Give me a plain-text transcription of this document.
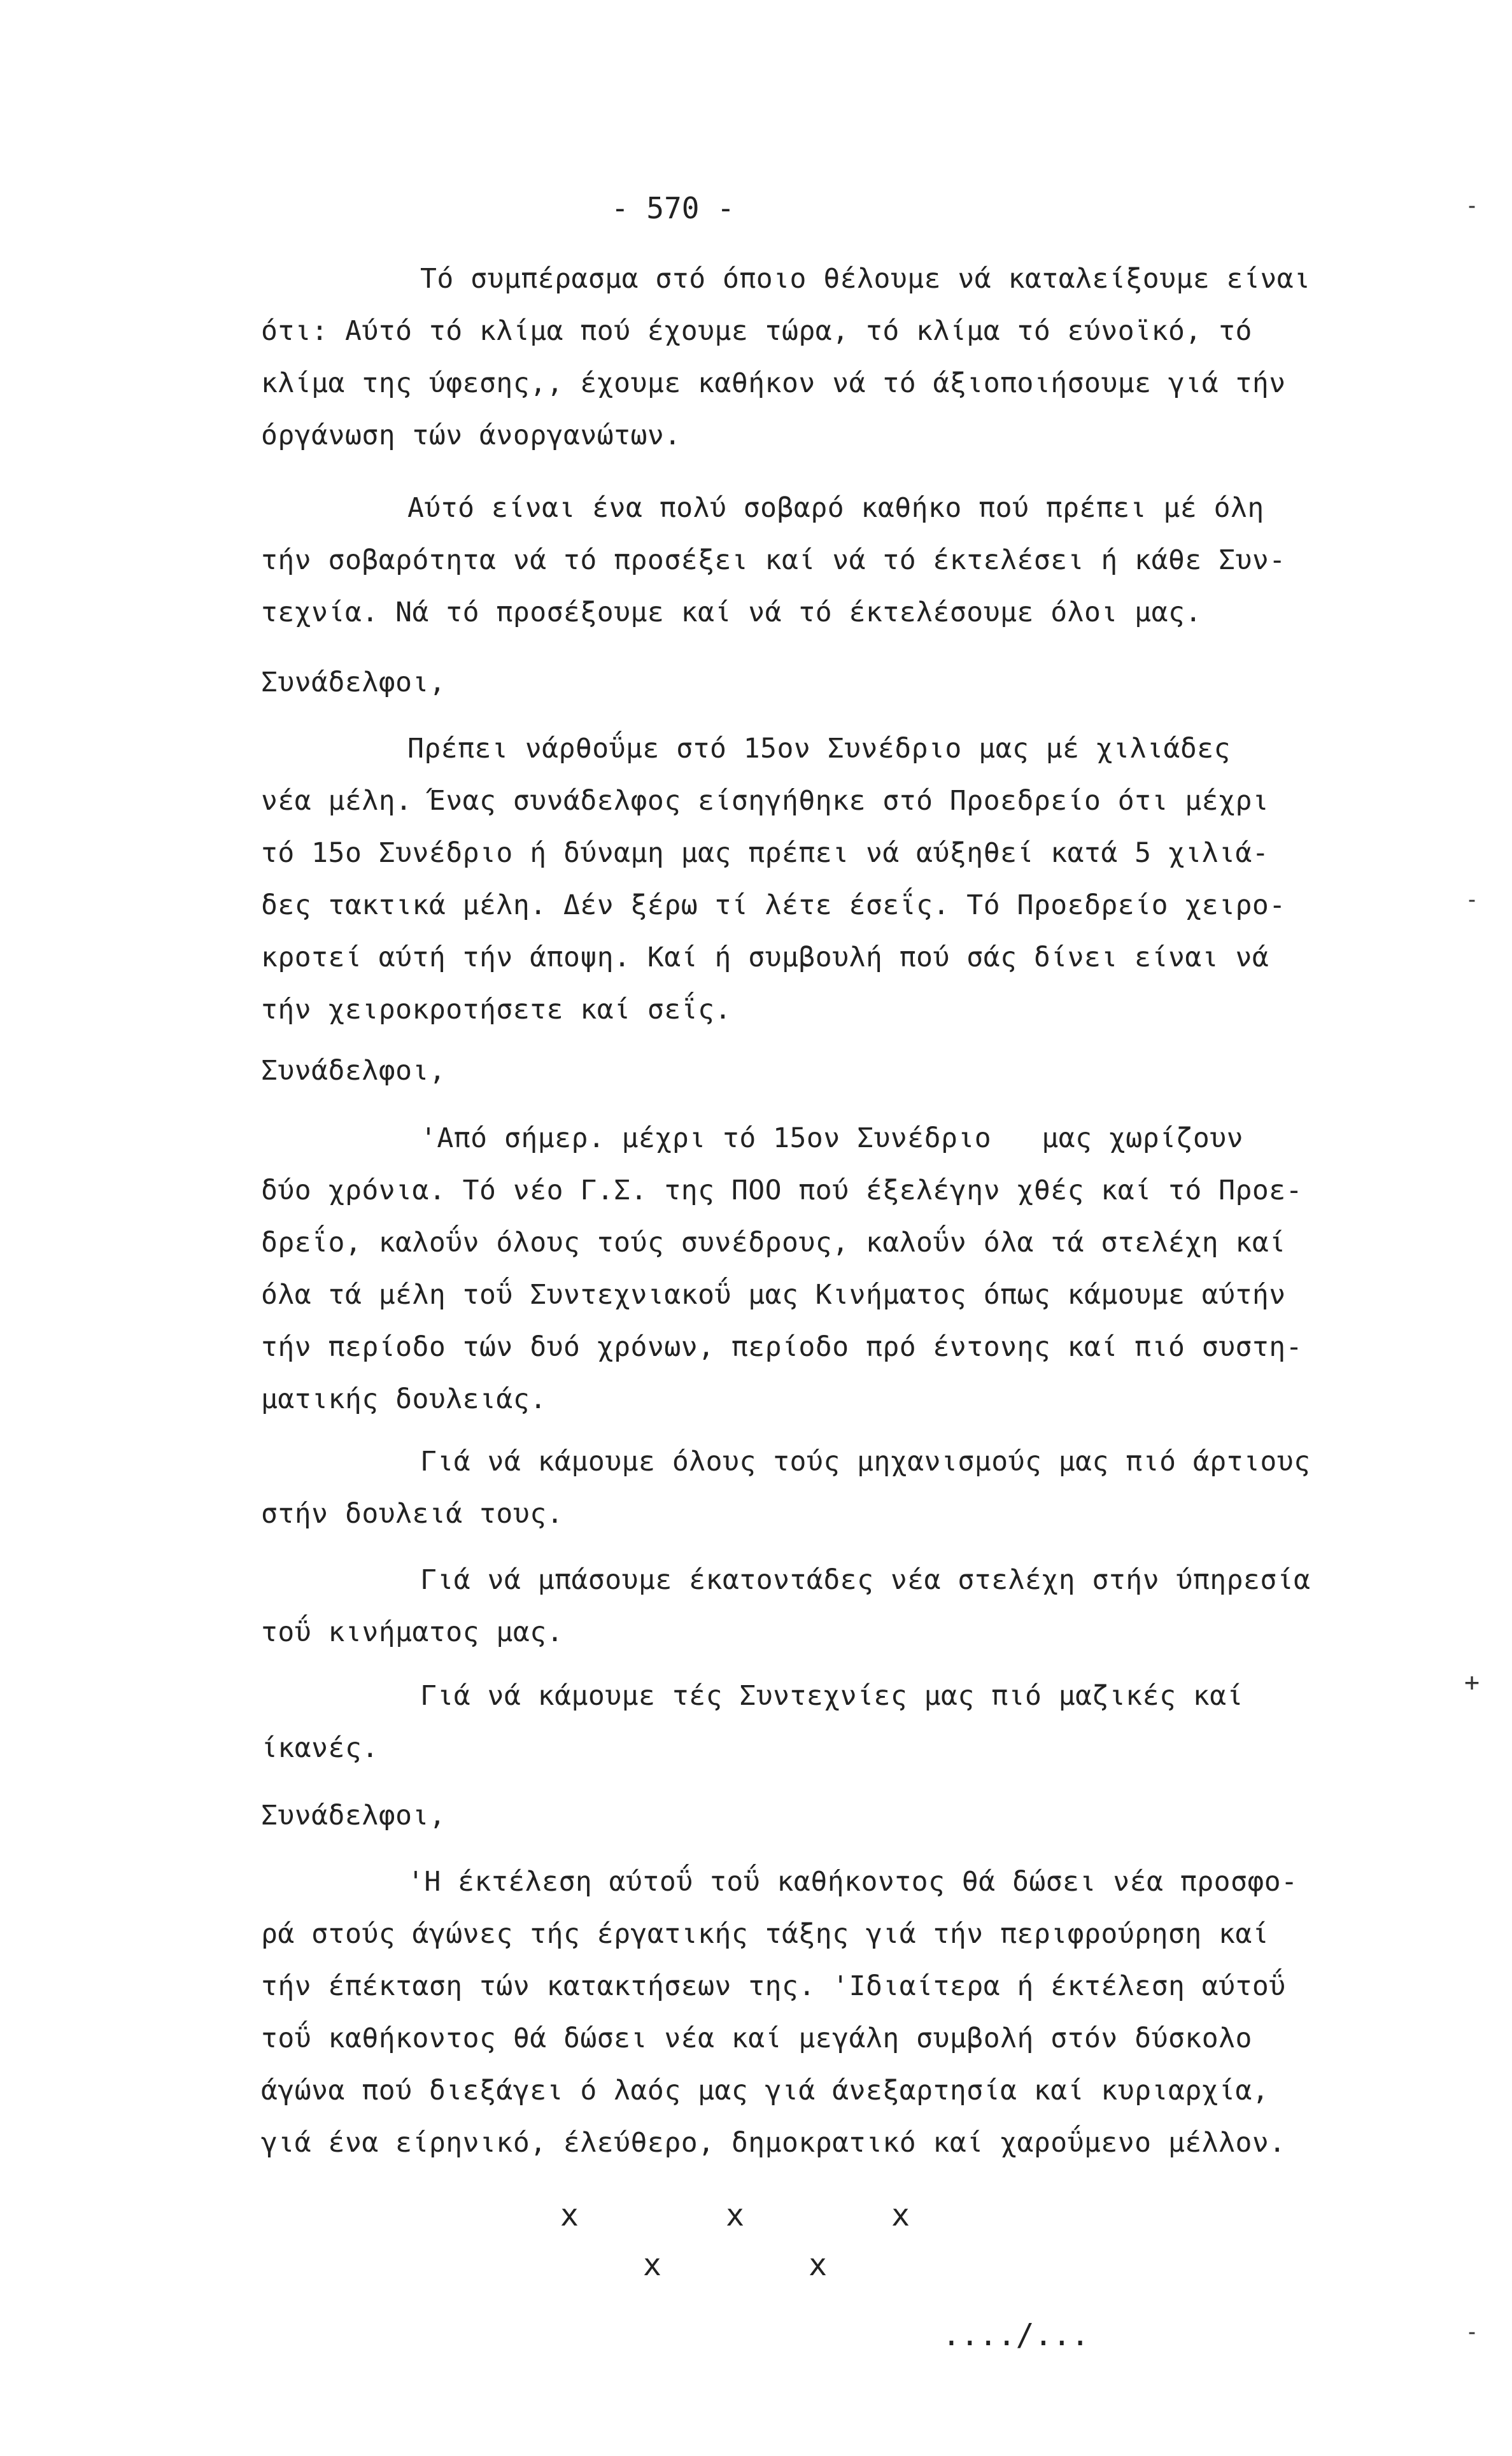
- 570 -
Τό συμπέρασμα στό όποιο θέλουμε νά καταλείξουμε είναι
ότι: Αύτό τό κλίμα πού έχουμε τώρα, τό κλίμα τό εύνοϊκό, τό
κλίμα της ύφεσης,, έχουμε καθήκον νά τό άξιοποιήσουμε γιά τήν
όργάνωση τών άνοργανώτων.
Αύτό είναι ένα πολύ σοβαρό καθήκο πού πρέπει μέ όλη
τήν σοβαρότητα νά τό προσέξει καί νά τό έκτελέσει ή κάθε Συν-
τεχνία. Νά τό προσέξουμε καί νά τό έκτελέσουμε όλοι μας.
Συνάδελφοι,
Πρέπει νάρθοΰμε στό 15ον Συνέδριο μας μέ χιλιάδες
νέα μέλη. Ένας συνάδελφος είσηγήθηκε στό Προεδρείο ότι μέχρι
τό 15ο Συνέδριο ή δύναμη μας πρέπει νά αύξηθεί κατά 5 χιλιά-
δες τακτικά μέλη. Δέν ξέρω τί λέτε έσεΐς. Τό Προεδρείο χειρο-
κροτεί αύτή τήν άποψη. Καί ή συμβουλή πού σάς δίνει είναι νά
τήν χειροκροτήσετε καί σεΐς.
Συνάδελφοι,
'Από σήμερ. μέχρι τό 15ον Συνέδριο   μας χωρίζουν
δύο χρόνια. Τό νέο Γ.Σ. της ΠΟΟ πού έξελέγην χθές καί τό Προε-
δρεΐο, καλοΰν όλους τούς συνέδρους, καλοΰν όλα τά στελέχη καί
όλα τά μέλη τοΰ Συντεχνιακοΰ μας Κινήματος όπως κάμουμε αύτήν
τήν περίοδο τών δυό χρόνων, περίοδο πρό έντονης καί πιό συστη-
ματικής δουλειάς.
Γιά νά κάμουμε όλους τούς μηχανισμούς μας πιό άρτιους
στήν δουλειά τους.
Γιά νά μπάσουμε έκατοντάδες νέα στελέχη στήν ύπηρεσία
τοΰ κινήματος μας.
Γιά νά κάμουμε τές Συντεχνίες μας πιό μαζικές καί
ίκανές.
Συνάδελφοι,
'Η έκτέλεση αύτοΰ τοΰ καθήκοντος θά δώσει νέα προσφο-
ρά στούς άγώνες τής έργατικής τάξης γιά τήν περιφρούρηση καί
τήν έπέκταση τών κατακτήσεων της. 'Ιδιαίτερα ή έκτέλεση αύτοΰ
τοΰ καθήκοντος θά δώσει νέα καί μεγάλη συμβολή στόν δύσκολο
άγώνα πού διεξάγει ό λαός μας γιά άνεξαρτησία καί κυριαρχία,
γιά ένα είρηνικό, έλεύθερο, δημοκρατικό καί χαροΰμενο μέλλον.
x        x        x
x        x
..../...
˗
˗
+
˗
